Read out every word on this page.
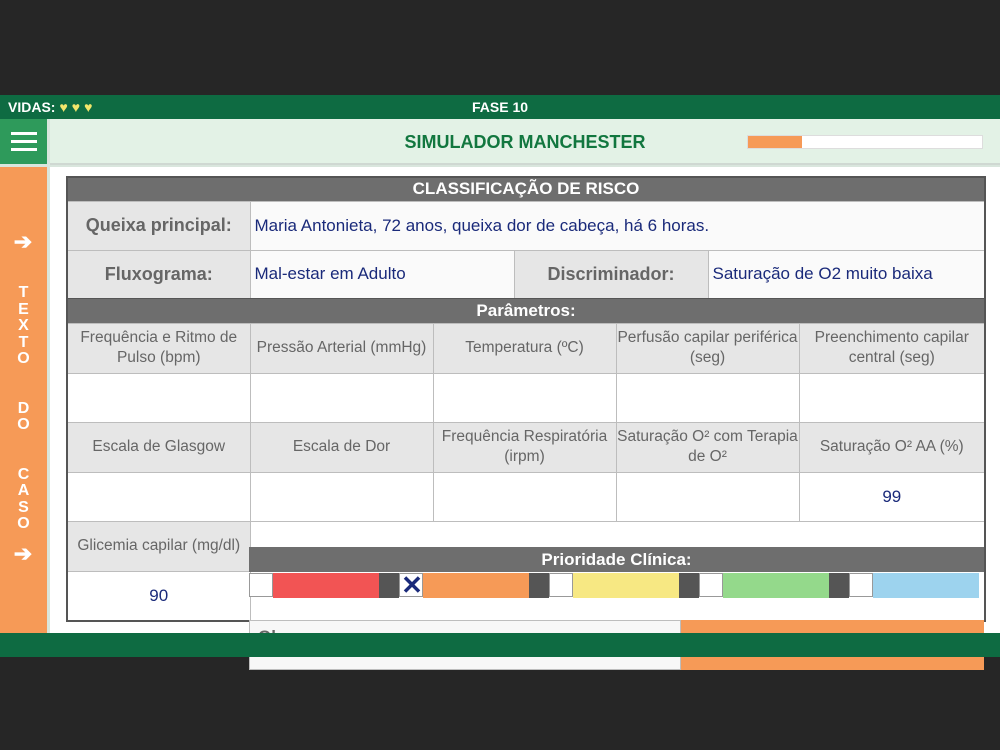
VIDAS: ♥ ♥ ♥	FASE 10
SIMULADOR MANCHESTER
➔
T
E
X
T
O

D
O

C
A
S
O
➔
CLASSIFICAÇÃO DE RISCO			
Queixa principal:	Maria Antonieta, 72 anos, queixa dor de cabeça, há 6 horas.		
Fluxograma:	Mal-estar em Adulto	Discriminador:	Saturação de O2 muito baixa
Parâmetros:				
Frequência e Ritmo de Pulso (bpm)	Pressão Arterial (mmHg)	Temperatura (ºC)	Perfusão capilar periférica (seg)	Preenchimento capilar central (seg)

Escala de Glasgow	Escala de Dor	Frequência Respiratória (irpm)	Saturação O² com Terapia de O²	Saturação O² AA (%)
				99
Glicemia capilar (mg/dl)				
90				
Prioridade Clínica:
✕
